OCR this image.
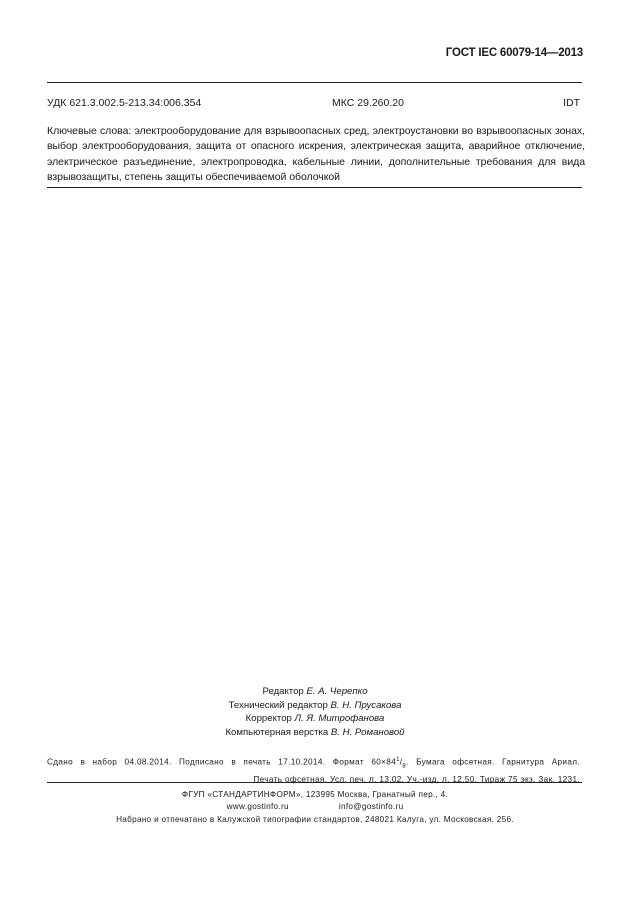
ГОСТ IEC 60079-14—2013
УДК 621.3.002.5-213.34:006.354	МКС 29.260.20	IDT
Ключевые слова: электрооборудование для взрывоопасных сред, электроустановки во взрывоопасных зонах, выбор электрооборудования, защита от опасного искрения, электрическая защита, аварийное отключение, электрическое разъединение, электропроводка, кабельные линии, дополнительные требования для вида взрывозащиты, степень защиты обеспечиваемой оболочкой
Редактор Е. А. Черепко
Технический редактор В. Н. Прусакова
Корректор Л. Я. Митрофанова
Компьютерная верстка В. Н. Романовой
Сдано в набор 04.08.2014. Подписано в печать 17.10.2014. Формат $60\times 84^1/_8$. Бумага офсетная. Гарнитура Ариал.
Печать офсетная. Усл. печ. л. 13,02. Уч.-изд. л. 12,50. Тираж 75 экз. Зак. 1231.
ФГУП «СТАНДАРТИНФОРМ», 123995 Москва, Гранатный пер., 4.
www.gostinfo.ru	info@gostinfo.ru
Набрано и отпечатано в Калужской типографии стандартов, 248021 Калуга, ул. Московская, 256.
